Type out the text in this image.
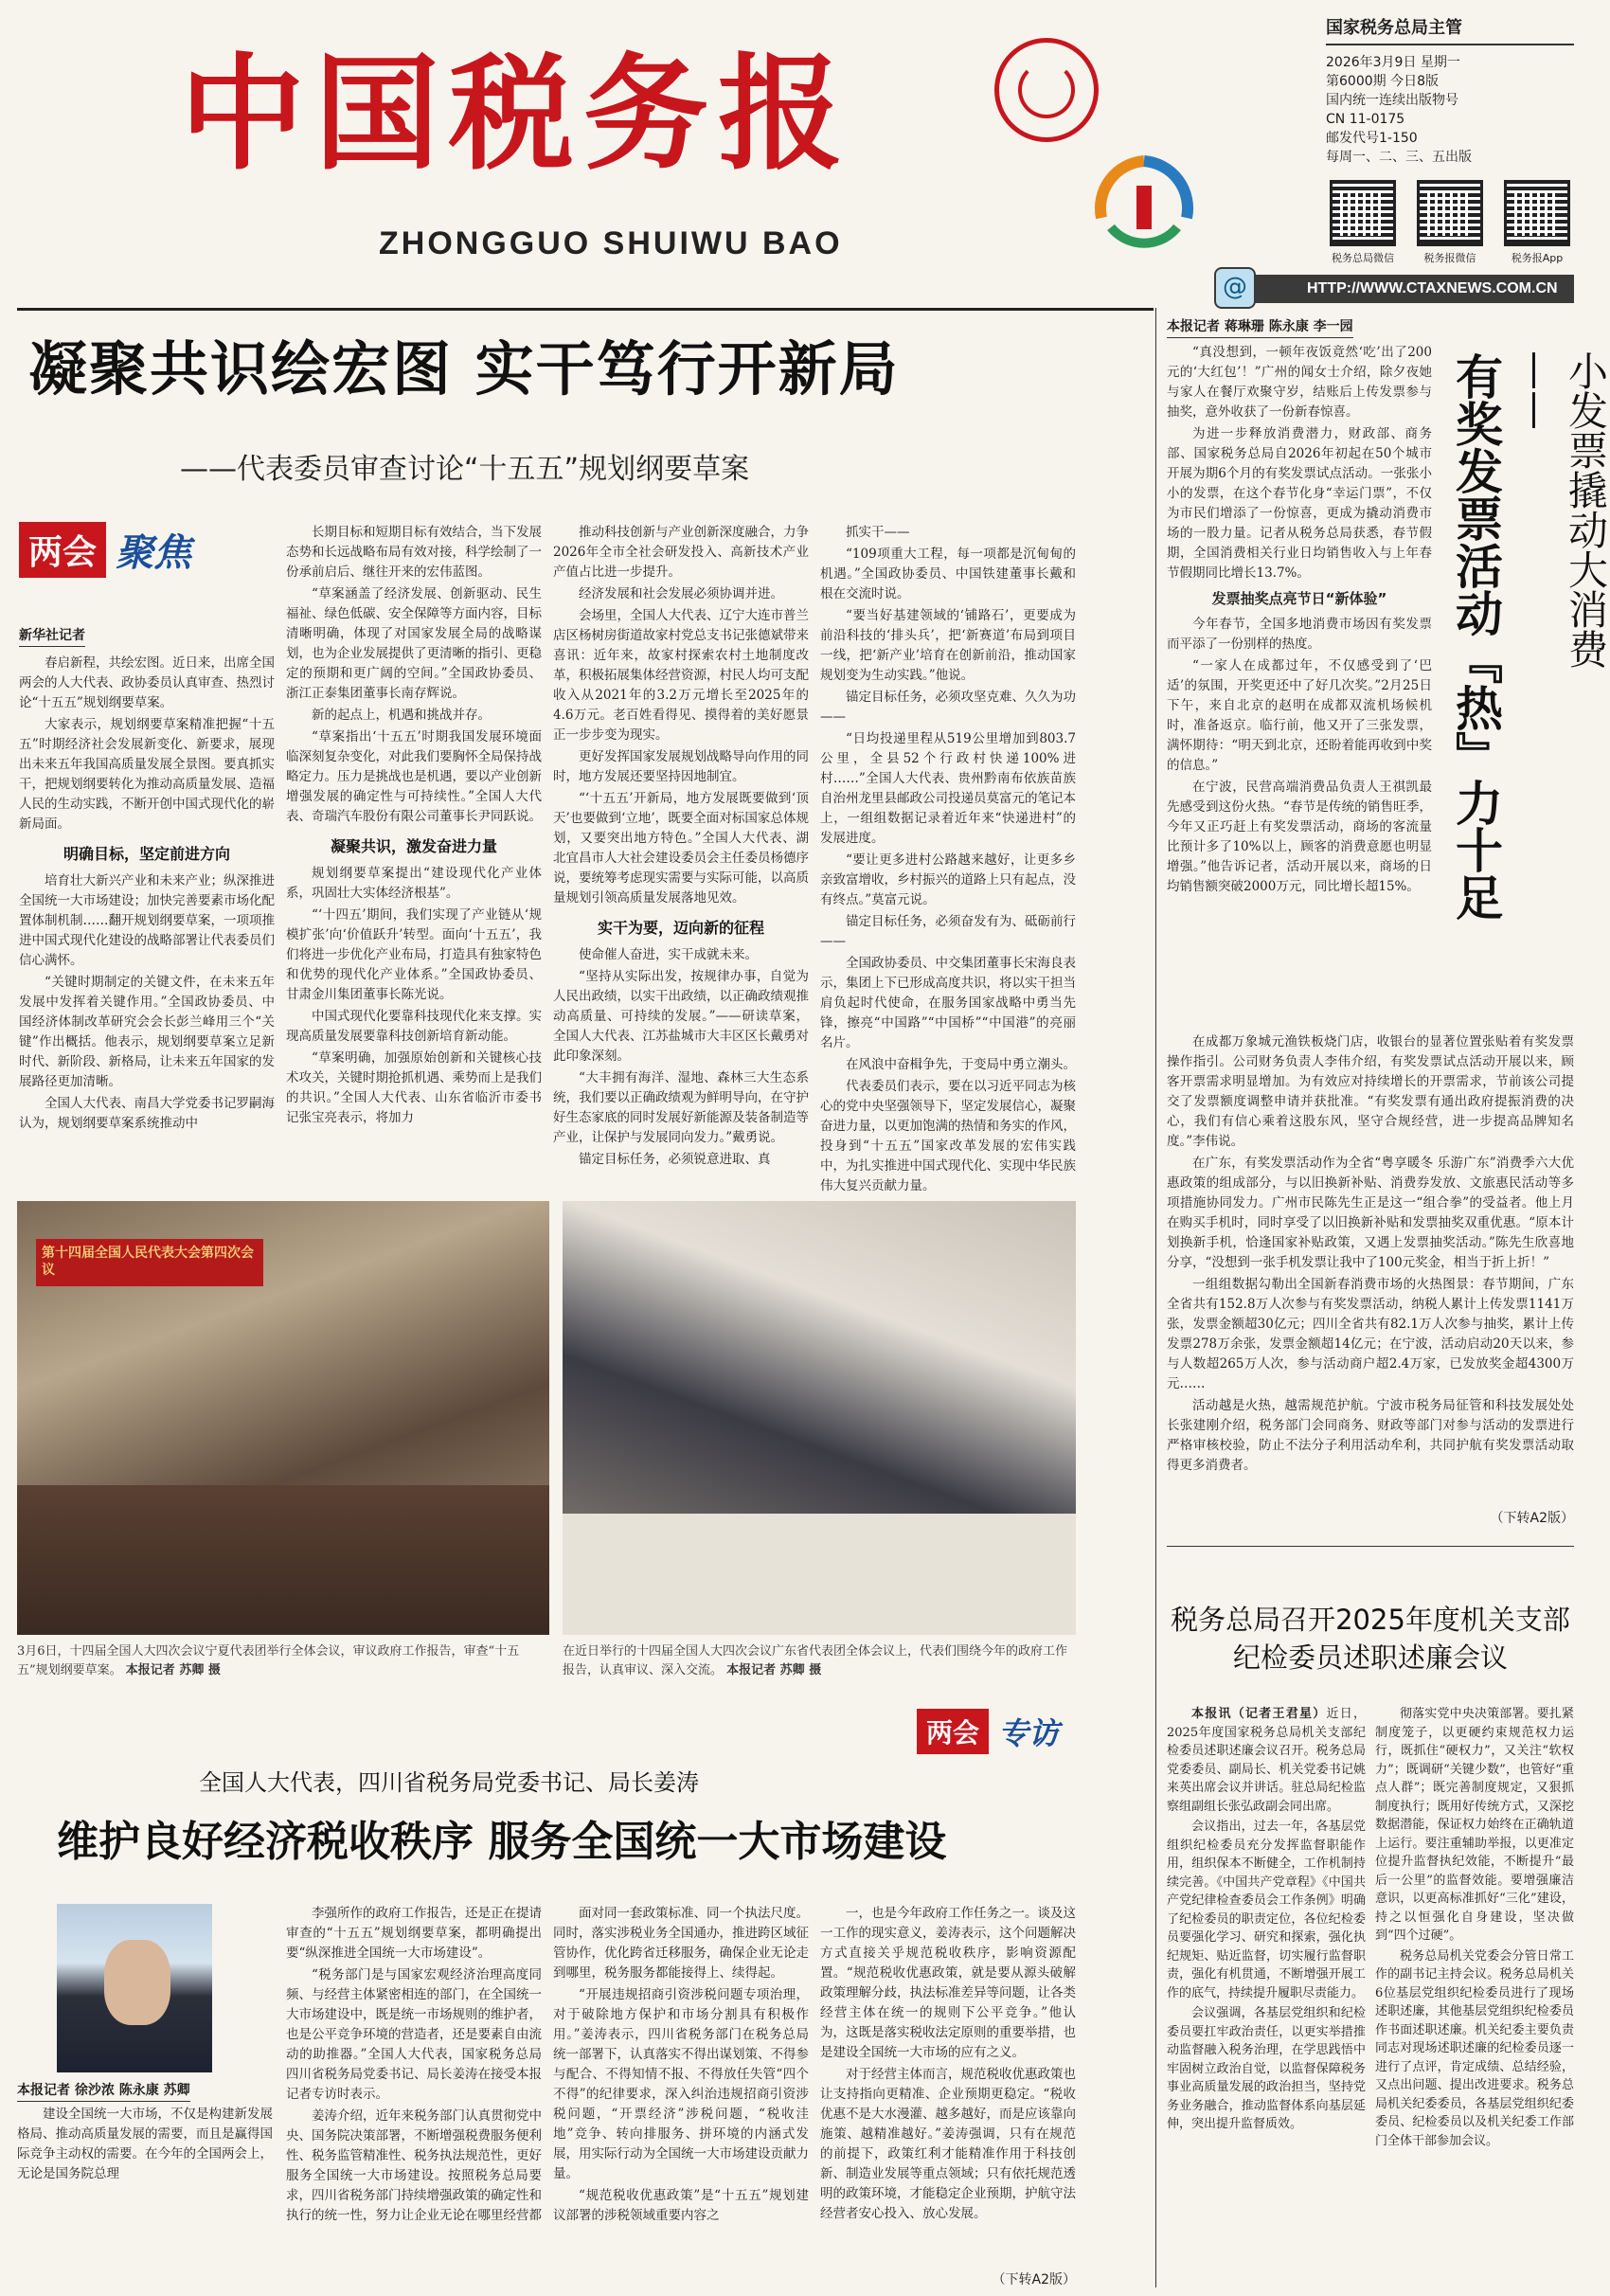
中国税务报
ZHONGGUO SHUIWU BAO
国家税务总局主管
2026年3月9日 星期一
第6000期 今日8版
国内统一连续出版物号
CN 11-0175
邮发代号1-150
每周一、二、三、五出版
税务总局微信	税务报微信	税务报App
HTTP://WWW.CTAXNEWS.COM.CN
@
凝聚共识绘宏图 实干笃行开新局
——代表委员审查讨论“十五五”规划纲要草案
两会 聚焦
新华社记者

春启新程，共绘宏图。近日来，出席全国两会的人大代表、政协委员认真审查、热烈讨论“十五五”规划纲要草案。

大家表示，规划纲要草案精准把握“十五五”时期经济社会发展新变化、新要求，展现出未来五年我国高质量发展全景图。要真抓实干，把规划纲要转化为推动高质量发展、造福人民的生动实践，不断开创中国式现代化的崭新局面。

明确目标，坚定前进方向

培育壮大新兴产业和未来产业；纵深推进全国统一大市场建设；加快完善要素市场化配置体制机制……翻开规划纲要草案，一项项推进中国式现代化建设的战略部署让代表委员们信心满怀。

“关键时期制定的关键文件，在未来五年发展中发挥着关键作用。”全国政协委员、中国经济体制改革研究会会长彭兰峰用三个“关键”作出概括。他表示，规划纲要草案立足新时代、新阶段、新格局，让未来五年国家的发展路径更加清晰。

全国人大代表、南昌大学党委书记罗嗣海认为，规划纲要草案系统推动中

长期目标和短期目标有效结合，当下发展态势和长远战略布局有效对接，科学绘制了一份承前启后、继往开来的宏伟蓝图。

“草案涵盖了经济发展、创新驱动、民生福祉、绿色低碳、安全保障等方面内容，目标清晰明确，体现了对国家发展全局的战略谋划，也为企业发展提供了更清晰的指引、更稳定的预期和更广阔的空间。”全国政协委员、浙江正泰集团董事长南存辉说。

新的起点上，机遇和挑战并存。

“草案指出‘十五五’时期我国发展环境面临深刻复杂变化，对此我们要胸怀全局保持战略定力。压力是挑战也是机遇，要以产业创新增强发展的确定性与可持续性。”全国人大代表、奇瑞汽车股份有限公司董事长尹同跃说。

凝聚共识，激发奋进力量

规划纲要草案提出“建设现代化产业体系，巩固壮大实体经济根基”。

“‘十四五’期间，我们实现了产业链从‘规模扩张’向‘价值跃升’转型。面向‘十五五’，我们将进一步优化产业布局，打造具有独家特色和优势的现代化产业体系。”全国政协委员、甘肃金川集团董事长陈光说。

中国式现代化要靠科技现代化来支撑。实现高质量发展要靠科技创新培育新动能。

“草案明确，加强原始创新和关键核心技术攻关，关键时期抢抓机遇、乘势而上是我们的共识。”全国人大代表、山东省临沂市委书记张宝亮表示，将加力

推动科技创新与产业创新深度融合，力争2026年全市全社会研发投入、高新技术产业产值占比进一步提升。

经济发展和社会发展必须协调并进。

会场里，全国人大代表、辽宁大连市普兰店区杨树房街道故家村党总支书记张德斌带来喜讯：近年来，故家村探索农村土地制度改革，积极拓展集体经营资源，村民人均可支配收入从2021年的3.2万元增长至2025年的4.6万元。老百姓看得见、摸得着的美好愿景正一步步变为现实。

更好发挥国家发展规划战略导向作用的同时，地方发展还要坚持因地制宜。

“‘十五五’开新局，地方发展既要做到‘顶天’也要做到‘立地’，既要全面对标国家总体规划，又要突出地方特色。”全国人大代表、湖北宜昌市人大社会建设委员会主任委员杨德序说，要统筹考虑现实需要与实际可能，以高质量规划引领高质量发展落地见效。

实干为要，迈向新的征程

使命催人奋进，实干成就未来。

“坚持从实际出发，按规律办事，自觉为人民出政绩，以实干出政绩，以正确政绩观推动高质量、可持续的发展。”——研读草案，全国人大代表、江苏盐城市大丰区区长戴勇对此印象深刻。

“大丰拥有海洋、湿地、森林三大生态系统，我们要以正确政绩观为鲜明导向，在守护好生态家底的同时发展好新能源及装备制造等产业，让保护与发展同向发力。”戴勇说。

锚定目标任务，必须锐意进取、真

抓实干——

“109项重大工程，每一项都是沉甸甸的机遇。”全国政协委员、中国铁建董事长戴和根在交流时说。

“要当好基建领域的‘铺路石’，更要成为前沿科技的‘排头兵’，把‘新赛道’布局到项目一线，把‘新产业’培育在创新前沿，推动国家规划变为生动实践。”他说。

锚定目标任务，必须攻坚克难、久久为功——

“日均投递里程从519公里增加到803.7公里，全县52个行政村快递100%进村……”全国人大代表、贵州黔南布依族苗族自治州龙里县邮政公司投递员莫富元的笔记本上，一组组数据记录着近年来“快递进村”的发展进度。

“要让更多进村公路越来越好，让更多乡亲致富增收，乡村振兴的道路上只有起点，没有终点。”莫富元说。

锚定目标任务，必须奋发有为、砥砺前行——

全国政协委员、中交集团董事长宋海良表示，集团上下已形成高度共识，将以实干担当肩负起时代使命，在服务国家战略中勇当先锋，擦亮“中国路”“中国桥”“中国港”的亮丽名片。

在风浪中奋楫争先，于变局中勇立潮头。

代表委员们表示，要在以习近平同志为核心的党中央坚强领导下，坚定发展信心，凝聚奋进力量，以更加饱满的热情和务实的作风，投身到“十五五”国家改革发展的宏伟实践中，为扎实推进中国式现代化、实现中华民族伟大复兴贡献力量。

第十四届全国人民代表大会第四次会议
3月6日，十四届全国人大四次会议宁夏代表团举行全体会议，审议政府工作报告，审查“十五五”规划纲要草案。 本报记者 苏卿 摄
在近日举行的十四届全国人大四次会议广东省代表团全体会议上，代表们围绕今年的政府工作报告，认真审议、深入交流。 本报记者 苏卿 摄
两会 专访
全国人大代表，四川省税务局党委书记、局长姜涛
维护良好经济税收秩序 服务全国统一大市场建设
本报记者 徐沙浓 陈永康 苏卿

建设全国统一大市场，不仅是构建新发展格局、推动高质量发展的需要，而且是赢得国际竞争主动权的需要。在今年的全国两会上，无论是国务院总理

李强所作的政府工作报告，还是正在提请审查的“十五五”规划纲要草案，都明确提出要“纵深推进全国统一大市场建设”。

“税务部门是与国家宏观经济治理高度同频、与经营主体紧密相连的部门，在全国统一大市场建设中，既是统一市场规则的维护者，也是公平竞争环境的营造者，还是要素自由流动的助推器。”全国人大代表，国家税务总局四川省税务局党委书记、局长姜涛在接受本报记者专访时表示。

姜涛介绍，近年来税务部门认真贯彻党中央、国务院决策部署，不断增强税费服务便利性、税务监管精准性、税务执法规范性，更好服务全国统一大市场建设。按照税务总局要求，四川省税务部门持续增强政策的确定性和执行的统一性，努力让企业无论在哪里经营都

面对同一套政策标准、同一个执法尺度。同时，落实涉税业务全国通办，推进跨区域征管协作，优化跨省迁移服务，确保企业无论走到哪里，税务服务都能接得上、续得起。

“开展违规招商引资涉税问题专项治理，对于破除地方保护和市场分割具有积极作用。”姜涛表示，四川省税务部门在税务总局统一部署下，认真落实不得出谋划策、不得参与配合、不得知情不报、不得放任失管“四个不得”的纪律要求，深入纠治违规招商引资涉税问题，“开票经济”涉税问题，“税收洼地”竞争、转向排服务、拼环境的内涵式发展，用实际行动为全国统一大市场建设贡献力量。

“规范税收优惠政策”是“十五五”规划建议部署的涉税领域重要内容之

一，也是今年政府工作任务之一。谈及这一工作的现实意义，姜涛表示，这个问题解决方式直接关乎规范税收秩序，影响资源配置。“规范税收优惠政策，就是要从源头破解政策理解分歧，执法标准差异等问题，让各类经营主体在统一的规则下公平竞争。”他认为，这既是落实税收法定原则的重要举措，也是建设全国统一大市场的应有之义。

对于经营主体而言，规范税收优惠政策也让支持指向更精准、企业预期更稳定。“税收优惠不是大水漫灌、越多越好，而是应该靠向施策、越精准越好。”姜涛强调，只有在规范的前提下，政策红利才能精准作用于科技创新、制造业发展等重点领域；只有依托规范透明的政策环境，才能稳定企业预期，护航守法经营者安心投入、放心发展。

（下转A2版）
本报记者 蒋琳珊 陈永康 李一园
小发票撬动大消费——
有奖发票活动『热』力十足

“真没想到，一顿年夜饭竟然‘吃’出了200元的‘大红包’！”广州的闻女士介绍，除夕夜她与家人在餐厅欢聚守岁，结账后上传发票参与抽奖，意外收获了一份新春惊喜。

为进一步释放消费潜力，财政部、商务部、国家税务总局自2026年初起在50个城市开展为期6个月的有奖发票试点活动。一张张小小的发票，在这个春节化身“幸运门票”，不仅为市民们增添了一份惊喜，更成为撬动消费市场的一股力量。记者从税务总局获悉，春节假期，全国消费相关行业日均销售收入与上年春节假期同比增长13.7%。

发票抽奖点亮节日“新体验”

今年春节，全国多地消费市场因有奖发票而平添了一份别样的热度。

“一家人在成都过年，不仅感受到了‘巴适’的氛围，开奖更还中了好几次奖。”2月25日下午，来自北京的赵明在成都双流机场候机时，准备返京。临行前，他又开了三张发票，满怀期待：“明天到北京，还盼着能再收到中奖的信息。”

在宁波，民营高端消费品负责人王祺凯最先感受到这份火热。“春节是传统的销售旺季，今年又正巧赶上有奖发票活动，商场的客流量比预计多了10%以上，顾客的消费意愿也明显增强。”他告诉记者，活动开展以来，商场的日均销售额突破2000万元，同比增长超15%。

在成都万象城元渔铁板烧门店，收银台的显著位置张贴着有奖发票操作指引。公司财务负责人李伟介绍，有奖发票试点活动开展以来，顾客开票需求明显增加。为有效应对持续增长的开票需求，节前该公司提交了发票额度调整申请并获批准。“有奖发票有通出政府提振消费的决心，我们有信心乘着这股东风，坚守合规经营，进一步提高品牌知名度。”李伟说。

在广东，有奖发票活动作为全省“粤享暖冬 乐游广东”消费季六大优惠政策的组成部分，与以旧换新补贴、消费券发放、文旅惠民活动等多项措施协同发力。广州市民陈先生正是这一“组合拳”的受益者。他上月在购买手机时，同时享受了以旧换新补贴和发票抽奖双重优惠。“原本计划换新手机，恰逢国家补贴政策，又遇上发票抽奖活动。”陈先生欣喜地分享，“没想到一张手机发票让我中了100元奖金，相当于折上折！”

一组组数据勾勒出全国新春消费市场的火热图景：春节期间，广东全省共有152.8万人次参与有奖发票活动，纳税人累计上传发票1141万张，发票金额超30亿元；四川全省共有82.1万人次参与抽奖，累计上传发票278万余张，发票金额超14亿元；在宁波，活动启动20天以来，参与人数超265万人次，参与活动商户超2.4万家，已发放奖金超4300万元……

活动越是火热，越需规范护航。宁波市税务局征管和科技发展处处长张建刚介绍，税务部门会同商务、财政等部门对参与活动的发票进行严格审核校验，防止不法分子利用活动牟利，共同护航有奖发票活动取得更多消费者。

（下转A2版）
税务总局召开2025年度机关支部纪检委员述职述廉会议

本报讯（记者王君星）近日，2025年度国家税务总局机关支部纪检委员述职述廉会议召开。税务总局党委委员、副局长、机关党委书记姚来英出席会议并讲话。驻总局纪检监察组副组长张弘政副会同出席。

会议指出，过去一年，各基层党组织纪检委员充分发挥监督职能作用，组织保本不断健全，工作机制持续完善。《中国共产党章程》《中国共产党纪律检查委员会工作条例》明确了纪检委员的职责定位，各位纪检委员要强化学习、研究和探索，强化执纪规矩、贴近监督，切实履行监督职责，强化有机贯通，不断增强开展工作的底气，持续提升履职尽责能力。

会议强调，各基层党组织和纪检委员要扛牢政治责任，以更实举措推动监督融入税务治理，在学思践悟中牢固树立政治自觉，以监督保障税务事业高质量发展的政治担当，坚持党务业务融合，推动监督体系向基层延伸，突出提升监督质效。

彻落实党中央决策部署。要扎紧制度笼子，以更硬约束规范权力运行，既抓住“硬权力”，又关注“软权力”；既调研“关键少数”，也管好“重点人群”；既完善制度规定，又狠抓制度执行；既用好传统方式，又深挖数据潜能，保证权力始终在正确轨道上运行。要注重辅助举报，以更准定位提升监督执纪效能，不断提升“最后一公里”的监督效能。要增强廉洁意识，以更高标准抓好“三化”建设，持之以恒强化自身建设，坚决做到“四个过硬”。

税务总局机关党委会分管日常工作的副书记主持会议。税务总局机关6位基层党组织纪检委员进行了现场述职述廉，其他基层党组织纪检委员作书面述职述廉。机关纪委主要负责同志对现场述职述廉的纪检委员逐一进行了点评，肯定成绩、总结经验，又点出问题、提出改进要求。税务总局机关纪委委员，各基层党组织纪委委员、纪检委员以及机关纪委工作部门全体干部参加会议。
